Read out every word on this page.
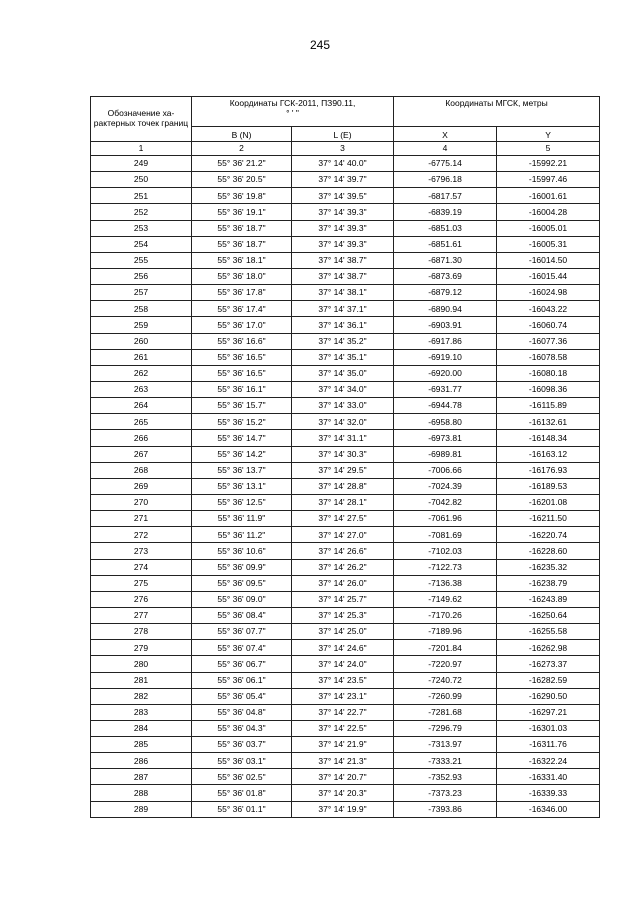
245
Обозначение ха-рактерных точек границ	Координаты ГСК-2011, ПЗ90.11,
° ' "		Координаты МГСК, метры	
	B (N)	L (E)	X	Y
1	2	3	4	5
249	55° 36' 21.2"	37° 14' 40.0"	-6775.14	-15992.21
250	55° 36' 20.5"	37° 14' 39.7"	-6796.18	-15997.46
251	55° 36' 19.8"	37° 14' 39.5"	-6817.57	-16001.61
252	55° 36' 19.1"	37° 14' 39.3"	-6839.19	-16004.28
253	55° 36' 18.7"	37° 14' 39.3"	-6851.03	-16005.01
254	55° 36' 18.7"	37° 14' 39.3"	-6851.61	-16005.31
255	55° 36' 18.1"	37° 14' 38.7"	-6871.30	-16014.50
256	55° 36' 18.0"	37° 14' 38.7"	-6873.69	-16015.44
257	55° 36' 17.8"	37° 14' 38.1"	-6879.12	-16024.98
258	55° 36' 17.4"	37° 14' 37.1"	-6890.94	-16043.22
259	55° 36' 17.0"	37° 14' 36.1"	-6903.91	-16060.74
260	55° 36' 16.6"	37° 14' 35.2"	-6917.86	-16077.36
261	55° 36' 16.5"	37° 14' 35.1"	-6919.10	-16078.58
262	55° 36' 16.5"	37° 14' 35.0"	-6920.00	-16080.18
263	55° 36' 16.1"	37° 14' 34.0"	-6931.77	-16098.36
264	55° 36' 15.7"	37° 14' 33.0"	-6944.78	-16115.89
265	55° 36' 15.2"	37° 14' 32.0"	-6958.80	-16132.61
266	55° 36' 14.7"	37° 14' 31.1"	-6973.81	-16148.34
267	55° 36' 14.2"	37° 14' 30.3"	-6989.81	-16163.12
268	55° 36' 13.7"	37° 14' 29.5"	-7006.66	-16176.93
269	55° 36' 13.1"	37° 14' 28.8"	-7024.39	-16189.53
270	55° 36' 12.5"	37° 14' 28.1"	-7042.82	-16201.08
271	55° 36' 11.9"	37° 14' 27.5"	-7061.96	-16211.50
272	55° 36' 11.2"	37° 14' 27.0"	-7081.69	-16220.74
273	55° 36' 10.6"	37° 14' 26.6"	-7102.03	-16228.60
274	55° 36' 09.9"	37° 14' 26.2"	-7122.73	-16235.32
275	55° 36' 09.5"	37° 14' 26.0"	-7136.38	-16238.79
276	55° 36' 09.0"	37° 14' 25.7"	-7149.62	-16243.89
277	55° 36' 08.4"	37° 14' 25.3"	-7170.26	-16250.64
278	55° 36' 07.7"	37° 14' 25.0"	-7189.96	-16255.58
279	55° 36' 07.4"	37° 14' 24.6"	-7201.84	-16262.98
280	55° 36' 06.7"	37° 14' 24.0"	-7220.97	-16273.37
281	55° 36' 06.1"	37° 14' 23.5"	-7240.72	-16282.59
282	55° 36' 05.4"	37° 14' 23.1"	-7260.99	-16290.50
283	55° 36' 04.8"	37° 14' 22.7"	-7281.68	-16297.21
284	55° 36' 04.3"	37° 14' 22.5"	-7296.79	-16301.03
285	55° 36' 03.7"	37° 14' 21.9"	-7313.97	-16311.76
286	55° 36' 03.1"	37° 14' 21.3"	-7333.21	-16322.24
287	55° 36' 02.5"	37° 14' 20.7"	-7352.93	-16331.40
288	55° 36' 01.8"	37° 14' 20.3"	-7373.23	-16339.33
289	55° 36' 01.1"	37° 14' 19.9"	-7393.86	-16346.00
